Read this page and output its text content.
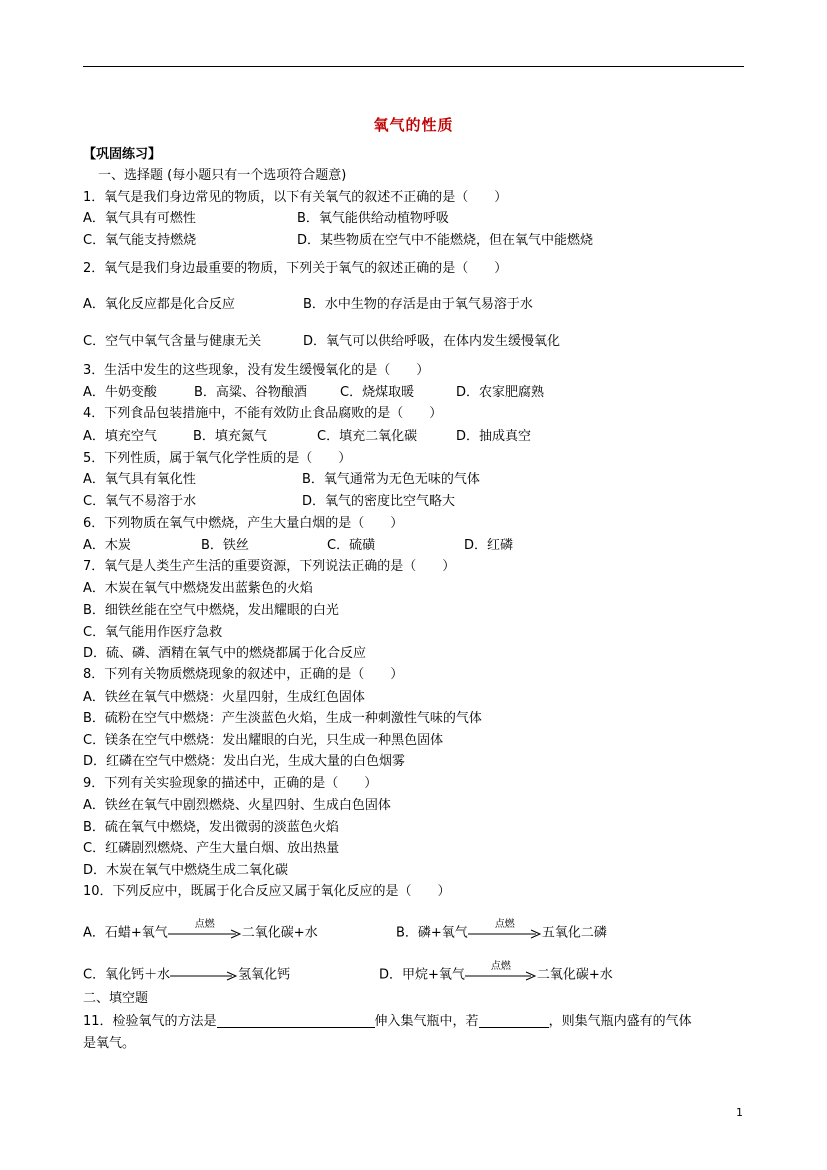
氧气的性质
【巩固练习】
一、选择题 (每小题只有一个选项符合题意)
1．氧气是我们身边常见的物质，以下有关氧气的叙述不正确的是（　　）
A．氧气具有可燃性	B．氧气能供给动植物呼吸
C．氧气能支持燃烧	D．某些物质在空气中不能燃烧，但在氧气中能燃烧
2．氧气是我们身边最重要的物质，下列关于氧气的叙述正确的是（　　）
A．氧化反应都是化合反应	B．水中生物的存活是由于氧气易溶于水
C．空气中氧气含量与健康无关	D．氧气可以供给呼吸，在体内发生缓慢氧化
3．生活中发生的这些现象，没有发生缓慢氧化的是（　　）
A．牛奶变酸	B．高粱、谷物酿酒	C．烧煤取暖	D．农家肥腐熟
4．下列食品包装措施中，不能有效防止食品腐败的是（　　）
A．填充空气	B．填充氮气	C．填充二氧化碳	D．抽成真空
5．下列性质，属于氧气化学性质的是（　　）
A．氧气具有氧化性	B．氧气通常为无色无味的气体
C．氧气不易溶于水	D．氧气的密度比空气略大
6．下列物质在氧气中燃烧，产生大量白烟的是（　　）
A．木炭	B．铁丝	C．硫磺	D．红磷
7．氧气是人类生产生活的重要资源，下列说法正确的是（　　）
A．木炭在氧气中燃烧发出蓝紫色的火焰
B．细铁丝能在空气中燃烧，发出耀眼的白光
C．氧气能用作医疗急救
D．硫、磷、酒精在氧气中的燃烧都属于化合反应
8．下列有关物质燃烧现象的叙述中，正确的是（　　）
A．铁丝在氧气中燃烧：火星四射，生成红色固体
B．硫粉在空气中燃烧：产生淡蓝色火焰，生成一种刺激性气味的气体
C．镁条在空气中燃烧：发出耀眼的白光，只生成一种黑色固体
D．红磷在空气中燃烧：发出白光，生成大量的白色烟雾
9．下列有关实验现象的描述中，正确的是（　　）
A．铁丝在氧气中剧烈燃烧、火星四射、生成白色固体
B．硫在氧气中燃烧，发出微弱的淡蓝色火焰
C．红磷剧烈燃烧、产生大量白烟、放出热量
D．木炭在氧气中燃烧生成二氧化碳
10．下列反应中，既属于化合反应又属于氧化反应的是（　　）
A．石蜡+氧气
点燃
二氧化碳+水	B．磷+氧气
点燃
五氧化二磷
C．氧化钙＋水	氢氧化钙	D．甲烷+氧气
点燃
二氧化碳+水
二、填空题
11．检验氧气的方法是	伸入集气瓶中，若	，则集气瓶内盛有的气体
是氧气。
1
